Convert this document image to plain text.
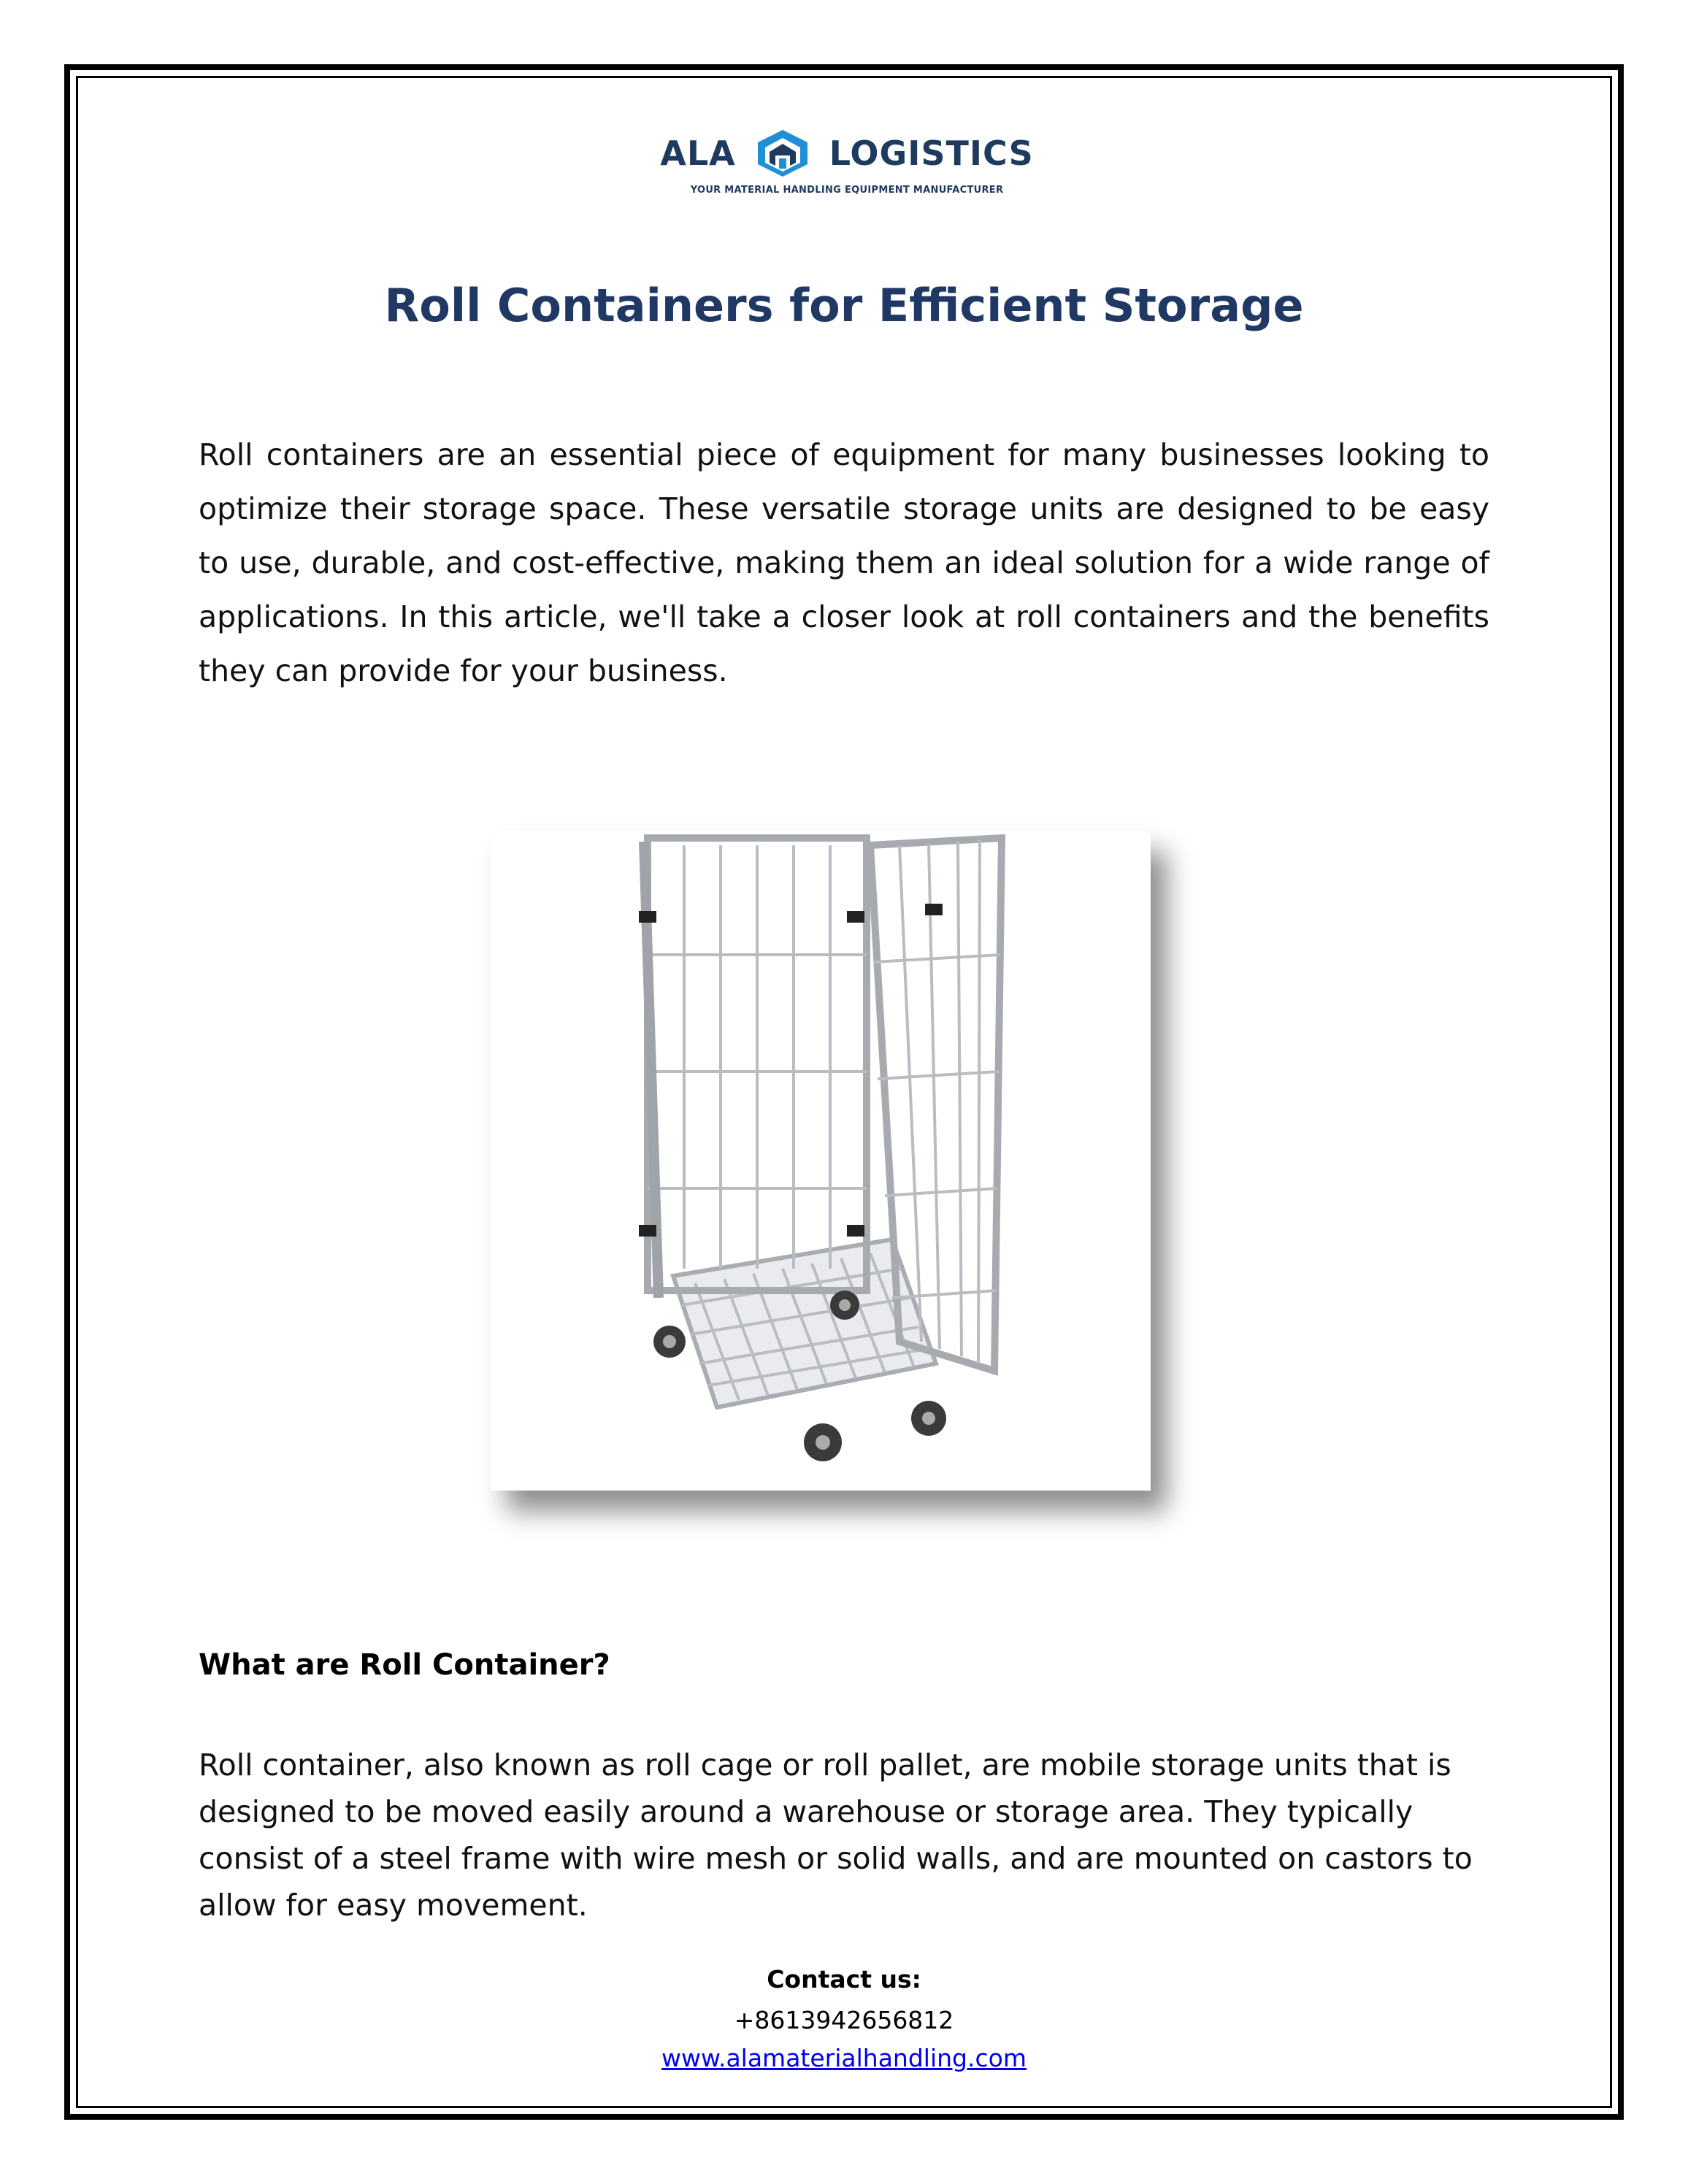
ALA	LOGISTICS
YOUR MATERIAL HANDLING EQUIPMENT MANUFACTURER
Roll Containers for Efficient Storage
Roll containers are an essential piece of equipment for many businesses looking to optimize their storage space. These versatile storage units are designed to be easy to use, durable, and cost-effective, making them an ideal solution for a wide range of applications. In this article, we'll take a closer look at roll containers and the benefits they can provide for your business.
What are Roll Container?
Roll container, also known as roll cage or roll pallet, are mobile storage units that is designed to be moved easily around a warehouse or storage area. They typically consist of a steel frame with wire mesh or solid walls, and are mounted on castors to allow for easy movement.
Contact us:
+8613942656812
www.alamaterialhandling.com
